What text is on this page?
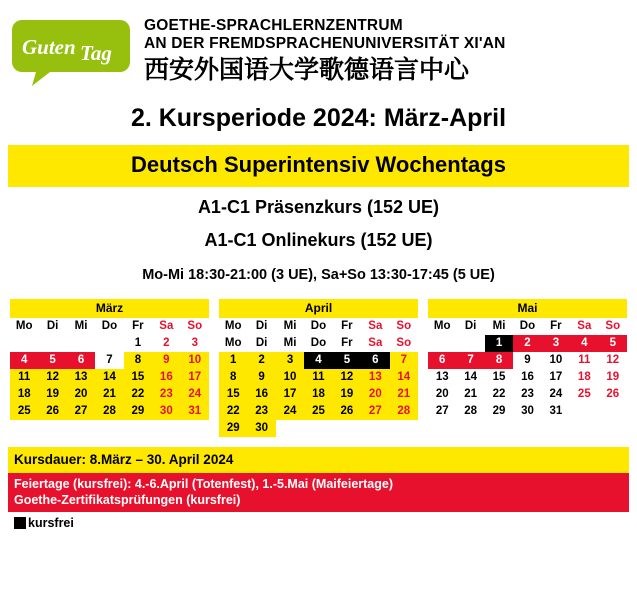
Guten Tag
GOETHE-SPRACHLERNZENTRUM
AN DER FREMDSPRACHENUNIVERSITÄT XI'AN
西安外国语大学歌德语言中心
2. Kursperiode 2024: März-April
Deutsch Superintensiv Wochentags
A1-C1 Präsenzkurs (152 UE)
A1-C1 Onlinekurs (152 UE)
Mo-Mi 18:30-21:00 (3 UE), Sa+So 13:30-17:45 (5 UE)
März
Mo	Di	Mi	Do	Fr	Sa	So
				1	2	3
4	5	6	7	8	9	10
11	12	13	14	15	16	17
18	19	20	21	22	23	24
25	26	27	28	29	30	31
April
Mo	Di	Mi	Do	Fr	Sa	So
Mo	Di	Mi	Do	Fr	Sa	So
1	2	3	4	5	6	7
8	9	10	11	12	13	14
15	16	17	18	19	20	21
22	23	24	25	26	27	28
29	30					
Mai
Mo	Di	Mi	Do	Fr	Sa	So
		1	2	3	4	5
6	7	8	9	10	11	12
13	14	15	16	17	18	19
20	21	22	23	24	25	26
27	28	29	30	31		
Kursdauer: 8.März – 30. April 2024
Feiertage (kursfrei): 4.-6.April (Totenfest), 1.-5.Mai (Maifeiertage)
Goethe-Zertifikatsprüfungen (kursfrei)
kursfrei
